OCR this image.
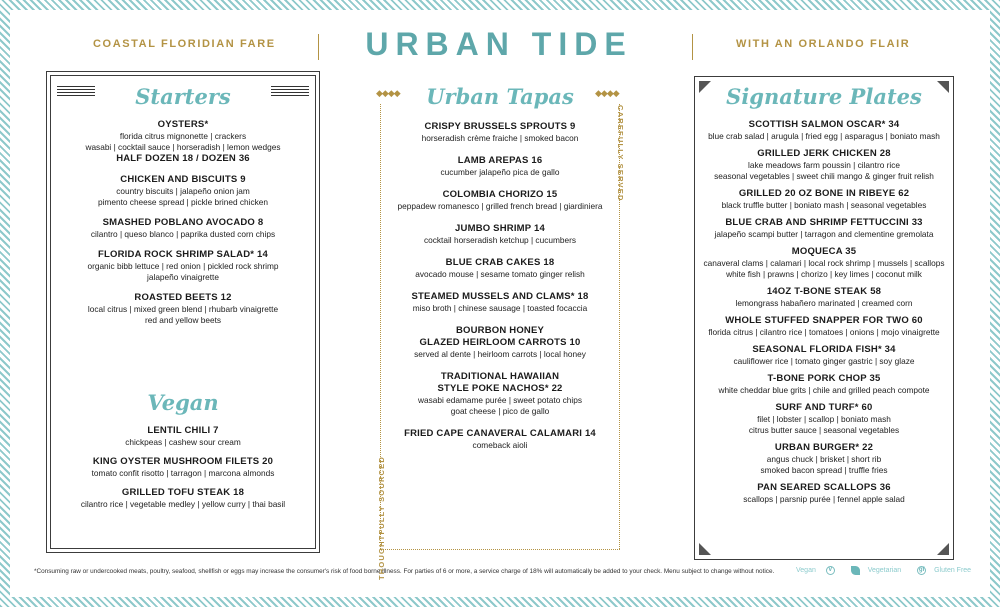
COASTAL FLORIDIAN FARE	URBAN TIDE	WITH AN ORLANDO FLAIR
Starters
OYSTERS*
florida citrus mignonette | crackers
wasabi | cocktail sauce | horseradish | lemon wedges
HALF DOZEN 18 / DOZEN 36
CHICKEN AND BISCUITS 9
country biscuits | jalapeño onion jam
pimento cheese spread | pickle brined chicken
SMASHED POBLANO AVOCADO 8
cilantro | queso blanco | paprika dusted corn chips
FLORIDA ROCK SHRIMP SALAD* 14
organic bibb lettuce | red onion | pickled rock shrimp
jalapeño vinaigrette
ROASTED BEETS 12
local citrus | mixed green blend | rhubarb vinaigrette
red and yellow beets
Vegan
LENTIL CHILI 7
chickpeas | cashew sour cream
KING OYSTER MUSHROOM FILETS 20
tomato confit risotto | tarragon | marcona almonds
GRILLED TOFU STEAK 18
cilantro rice | vegetable medley | yellow curry | thai basil
◆◆◆◆	◆◆◆◆
CAREFULLY SERVED
THOUGHTFULLY SOURCED
Urban Tapas
CRISPY BRUSSELS SPROUTS 9
horseradish crème fraiche | smoked bacon
LAMB AREPAS 16
cucumber jalapeño pica de gallo
COLOMBIA CHORIZO 15
peppadew romanesco | grilled french bread | giardiniera
JUMBO SHRIMP 14
cocktail horseradish ketchup | cucumbers
BLUE CRAB CAKES 18
avocado mouse | sesame tomato ginger relish
STEAMED MUSSELS AND CLAMS* 18
miso broth | chinese sausage | toasted focaccia
BOURBON HONEY
GLAZED HEIRLOOM CARROTS 10
served al dente | heirloom carrots | local honey
TRADITIONAL HAWAIIAN
STYLE POKE NACHOS* 22
wasabi edamame purée | sweet potato chips
goat cheese | pico de gallo
FRIED CAPE CANAVERAL CALAMARI 14
comeback aioli
Signature Plates
SCOTTISH SALMON OSCAR* 34
blue crab salad | arugula | fried egg | asparagus | boniato mash
GRILLED JERK CHICKEN 28
lake meadows farm poussin | cilantro rice
seasonal vegetables | sweet chili mango & ginger fruit relish
GRILLED 20 OZ BONE IN RIBEYE 62
black truffle butter | boniato mash | seasonal vegetables
BLUE CRAB AND SHRIMP FETTUCCINI 33
jalapeño scampi butter | tarragon and clementine gremolata
MOQUECA 35
canaveral clams | calamari | local rock shrimp | mussels | scallops
white fish | prawns | chorizo | key limes | coconut milk
14OZ T-BONE STEAK 58
lemongrass habañero marinated | creamed corn
WHOLE STUFFED SNAPPER FOR TWO 60
florida citrus | cilantro rice | tomatoes | onions | mojo vinaigrette
SEASONAL FLORIDA FISH* 34
cauliflower rice | tomato ginger gastric | soy glaze
T-BONE PORK CHOP 35
white cheddar blue grits | chile and grilled peach compote
SURF AND TURF* 60
filet | lobster | scallop | boniato mash
citrus butter sauce | seasonal vegetables
URBAN BURGER* 22
angus chuck | brisket | short rib
smoked bacon spread | truffle fries
PAN SEARED SCALLOPS 36
scallops | parsnip purée | fennel apple salad
*Consuming raw or undercooked meats, poultry, seafood, shellfish or eggs may increase the consumer's risk of food borne illness. For parties of 6 or more, a service charge of 18% will automatically be added to your check. Menu subject to change without notice.	Vegan V	Vegetarian	gf Gluten Free
